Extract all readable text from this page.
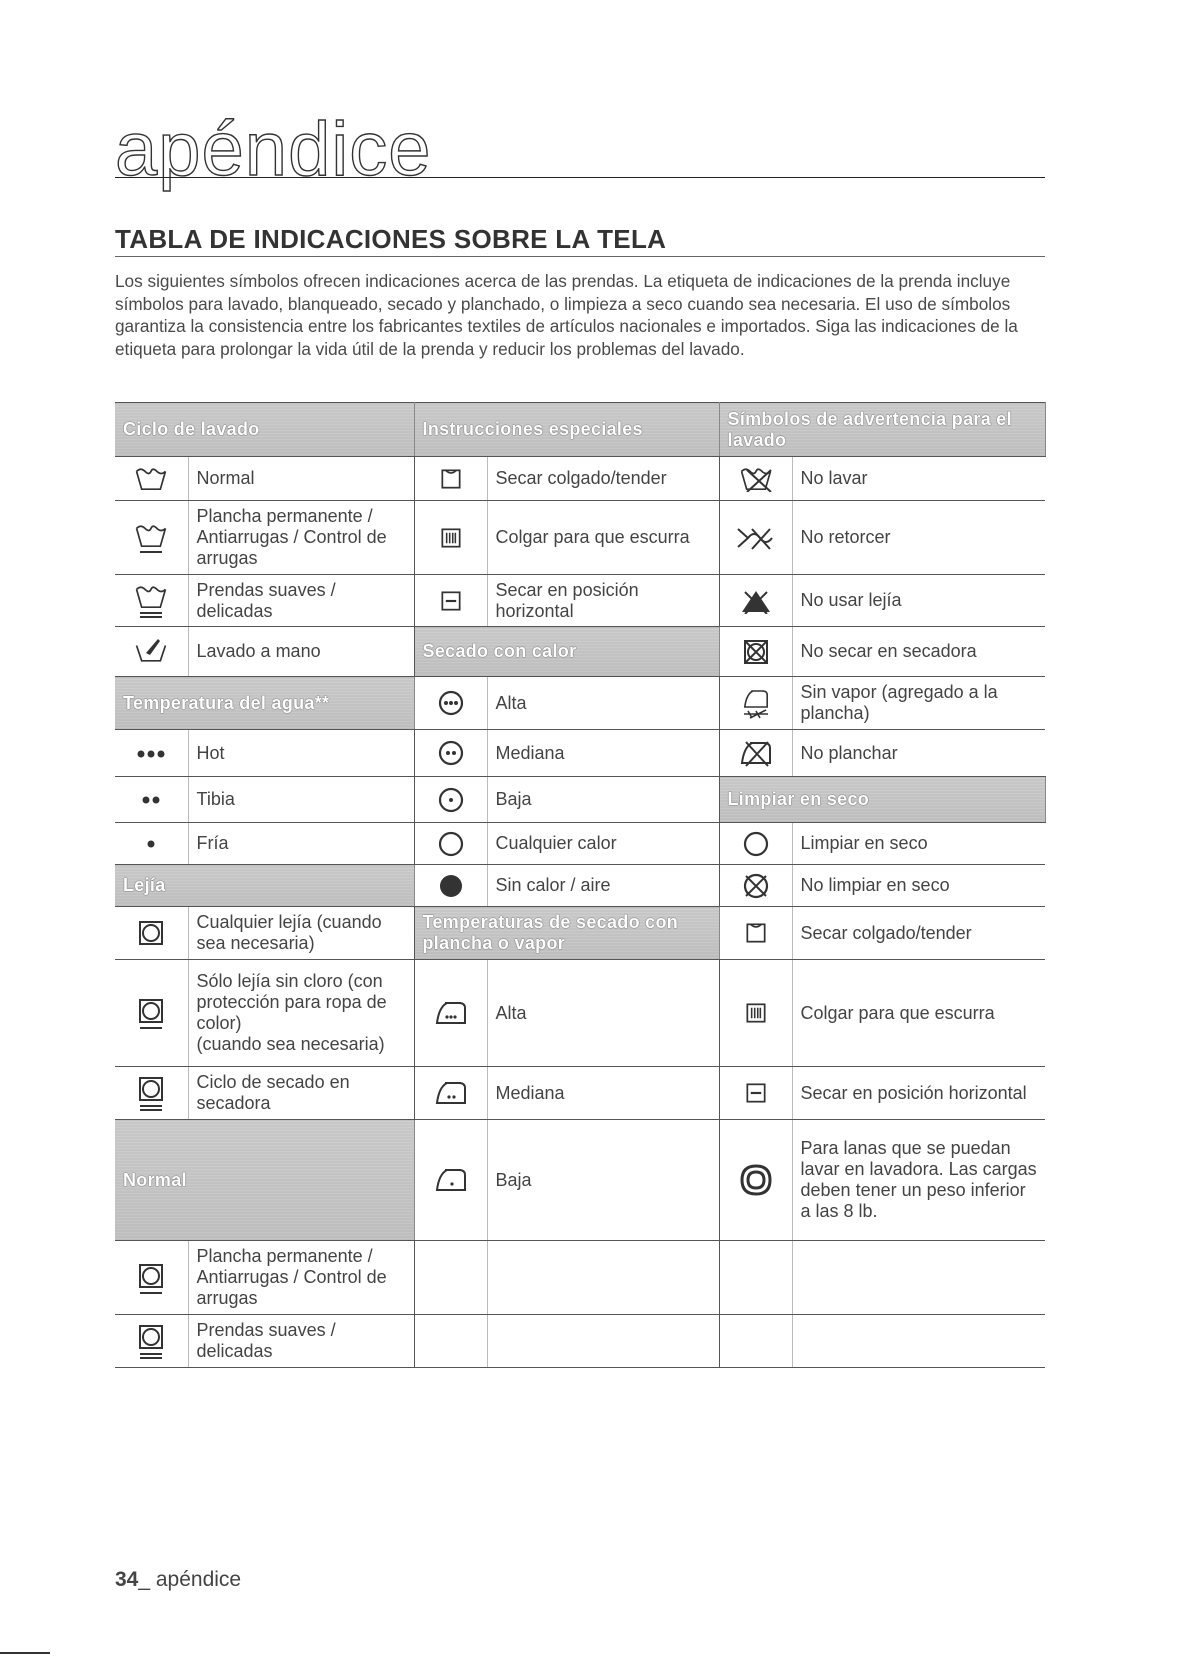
apéndice
TABLA DE INDICACIONES SOBRE LA TELA

Los siguientes símbolos ofrecen indicaciones acerca de las prendas. La etiqueta de indicaciones de la prenda incluye símbolos para lavado, blanqueado, secado y planchado, o limpieza a seco cuando sea necesaria. El uso de símbolos garantiza la consistencia entre los fabricantes textiles de artículos nacionales e importados. Siga las indicaciones de la etiqueta para prolongar la vida útil de la prenda y reducir los problemas del lavado.

Ciclo de lavado		Instrucciones especiales		Símbolos de advertencia para el lavado	
	Normal		Secar colgado/tender		No lavar
	Plancha permanente / Antiarrugas / Control de arrugas		Colgar para que escurra		No retorcer
	Prendas suaves / delicadas		Secar en posición horizontal		No usar lejía
	Lavado a mano	Secado con calor			No secar en secadora
Temperatura del agua**			Alta		Sin vapor (agregado a la plancha)
	Hot		Mediana		No planchar
	Tibia		Baja	Limpiar en seco	
	Fría		Cualquier calor		Limpiar en seco
Lejía			Sin calor / aire		No limpiar en seco
	Cualquier lejía (cuando sea necesaria)	Temperaturas de secado con plancha o vapor			Secar colgado/tender
	Sólo lejía sin cloro (con protección para ropa de color)
(cuando sea necesaria)		Alta		Colgar para que escurra
	Ciclo de secado en secadora		Mediana		Secar en posición horizontal
Normal			Baja		Para lanas que se puedan lavar en lavadora. Las cargas deben tener un peso inferior a las 8 lb.
	Plancha permanente / Antiarrugas / Control de arrugas				
	Prendas suaves / delicadas				
34_ apéndice
